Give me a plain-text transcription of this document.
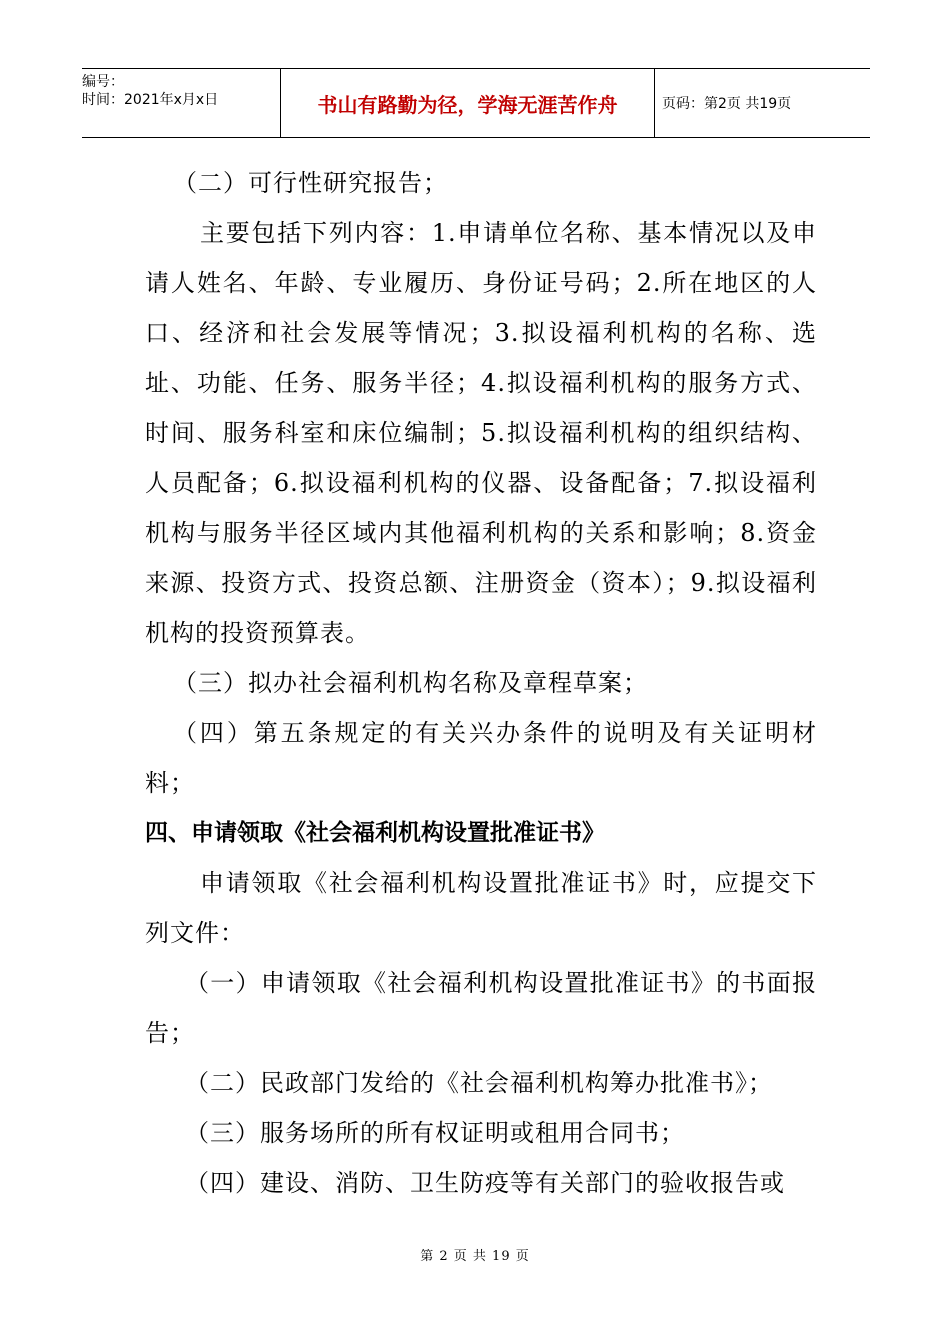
编号：
时间：2021年x月x日	书山有路勤为径，学海无涯苦作舟	页码：第2页 共19页

（二）可行性研究报告；

主要包括下列内容：1.申请单位名称、基本情况以及申请人姓名、年龄、专业履历、身份证号码；2.所在地区的人口、经济和社会发展等情况；3.拟设福利机构的名称、选址、功能、任务、服务半径；4.拟设福利机构的服务方式、时间、服务科室和床位编制；5.拟设福利机构的组织结构、人员配备；6.拟设福利机构的仪器、设备配备；7.拟设福利机构与服务半径区域内其他福利机构的关系和影响；8.资金来源、投资方式、投资总额、注册资金（资本）；9.拟设福利机构的投资预算表。

（三）拟办社会福利机构名称及章程草案；

（四）第五条规定的有关兴办条件的说明及有关证明材料；

四、申请领取《社会福利机构设置批准证书》

申请领取《社会福利机构设置批准证书》时，应提交下列文件：

（一）申请领取《社会福利机构设置批准证书》的书面报告；

（二）民政部门发给的《社会福利机构筹办批准书》；

（三）服务场所的所有权证明或租用合同书；

（四）建设、消防、卫生防疫等有关部门的验收报告或

第 2 页 共 19 页
